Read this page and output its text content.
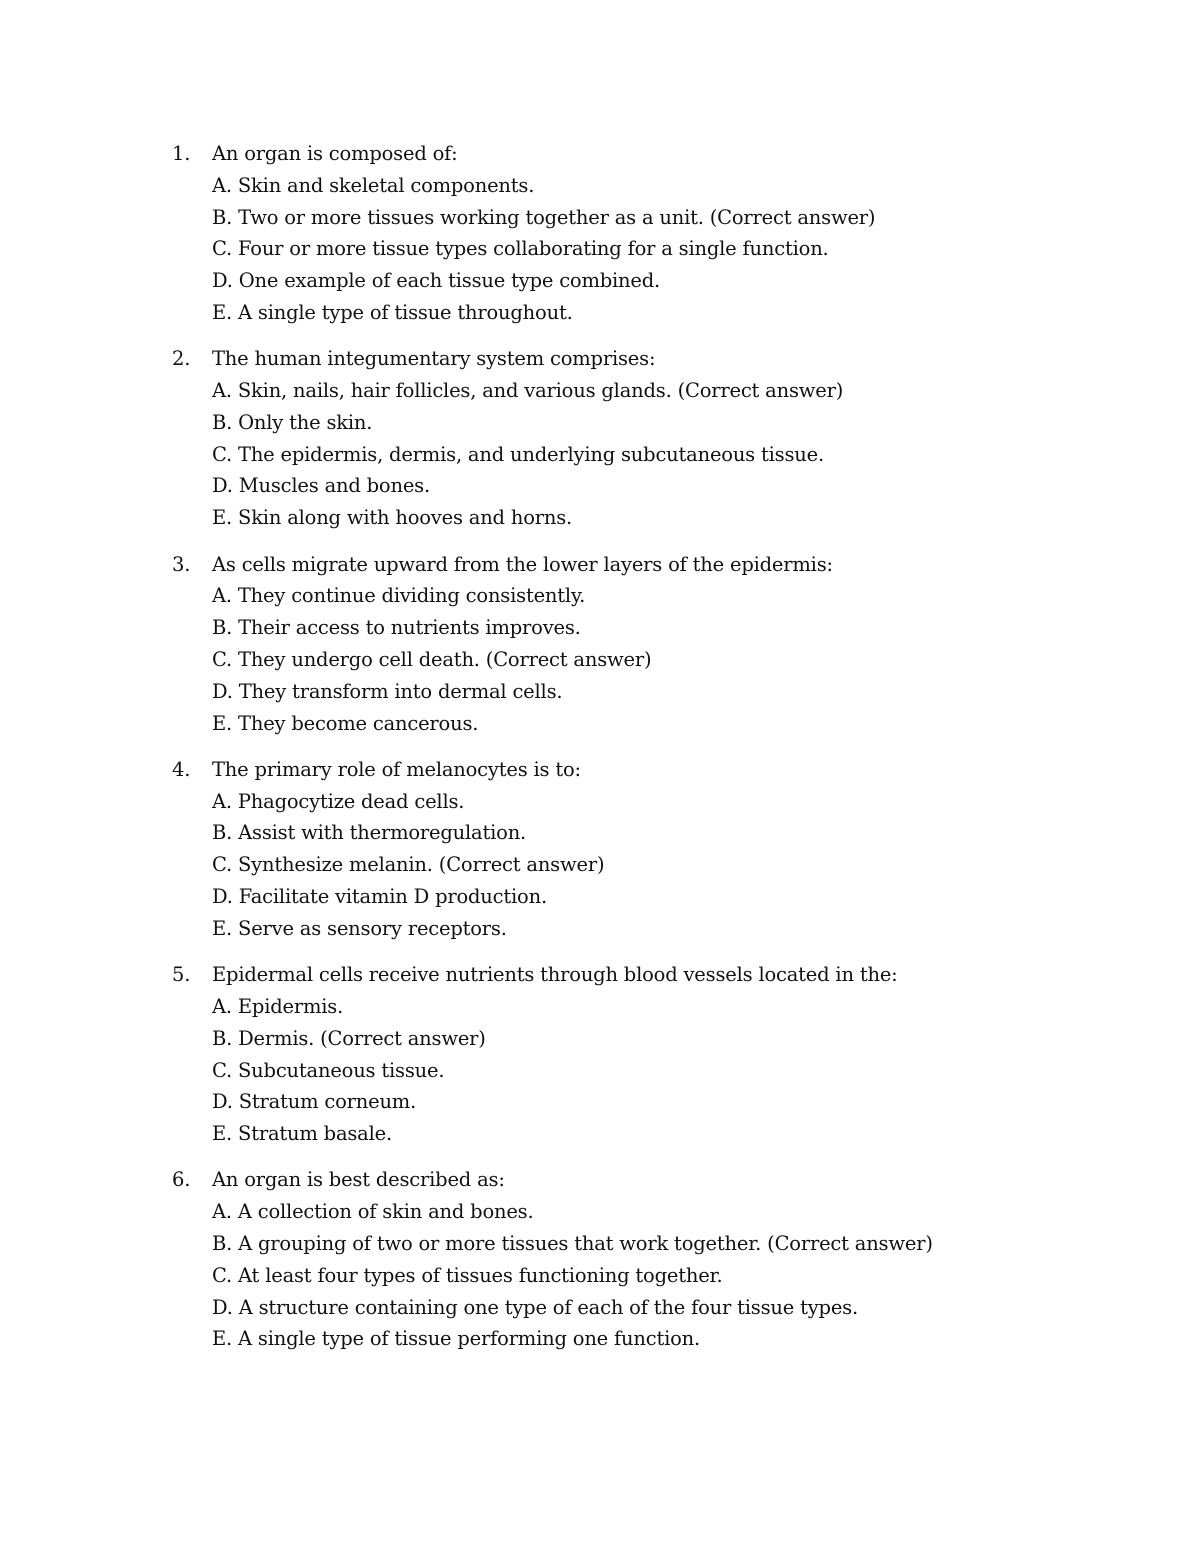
1.	An organ is composed of:
A. Skin and skeletal components.
B. Two or more tissues working together as a unit. (Correct answer)
C. Four or more tissue types collaborating for a single function.
D. One example of each tissue type combined.
E. A single type of tissue throughout.
2.	The human integumentary system comprises:
A. Skin, nails, hair follicles, and various glands. (Correct answer)
B. Only the skin.
C. The epidermis, dermis, and underlying subcutaneous tissue.
D. Muscles and bones.
E. Skin along with hooves and horns.
3.	As cells migrate upward from the lower layers of the epidermis:
A. They continue dividing consistently.
B. Their access to nutrients improves.
C. They undergo cell death. (Correct answer)
D. They transform into dermal cells.
E. They become cancerous.
4.	The primary role of melanocytes is to:
A. Phagocytize dead cells.
B. Assist with thermoregulation.
C. Synthesize melanin. (Correct answer)
D. Facilitate vitamin D production.
E. Serve as sensory receptors.
5.	Epidermal cells receive nutrients through blood vessels located in the:
A. Epidermis.
B. Dermis. (Correct answer)
C. Subcutaneous tissue.
D. Stratum corneum.
E. Stratum basale.
6.	An organ is best described as:
A. A collection of skin and bones.
B. A grouping of two or more tissues that work together. (Correct answer)
C. At least four types of tissues functioning together.
D. A structure containing one type of each of the four tissue types.
E. A single type of tissue performing one function.
